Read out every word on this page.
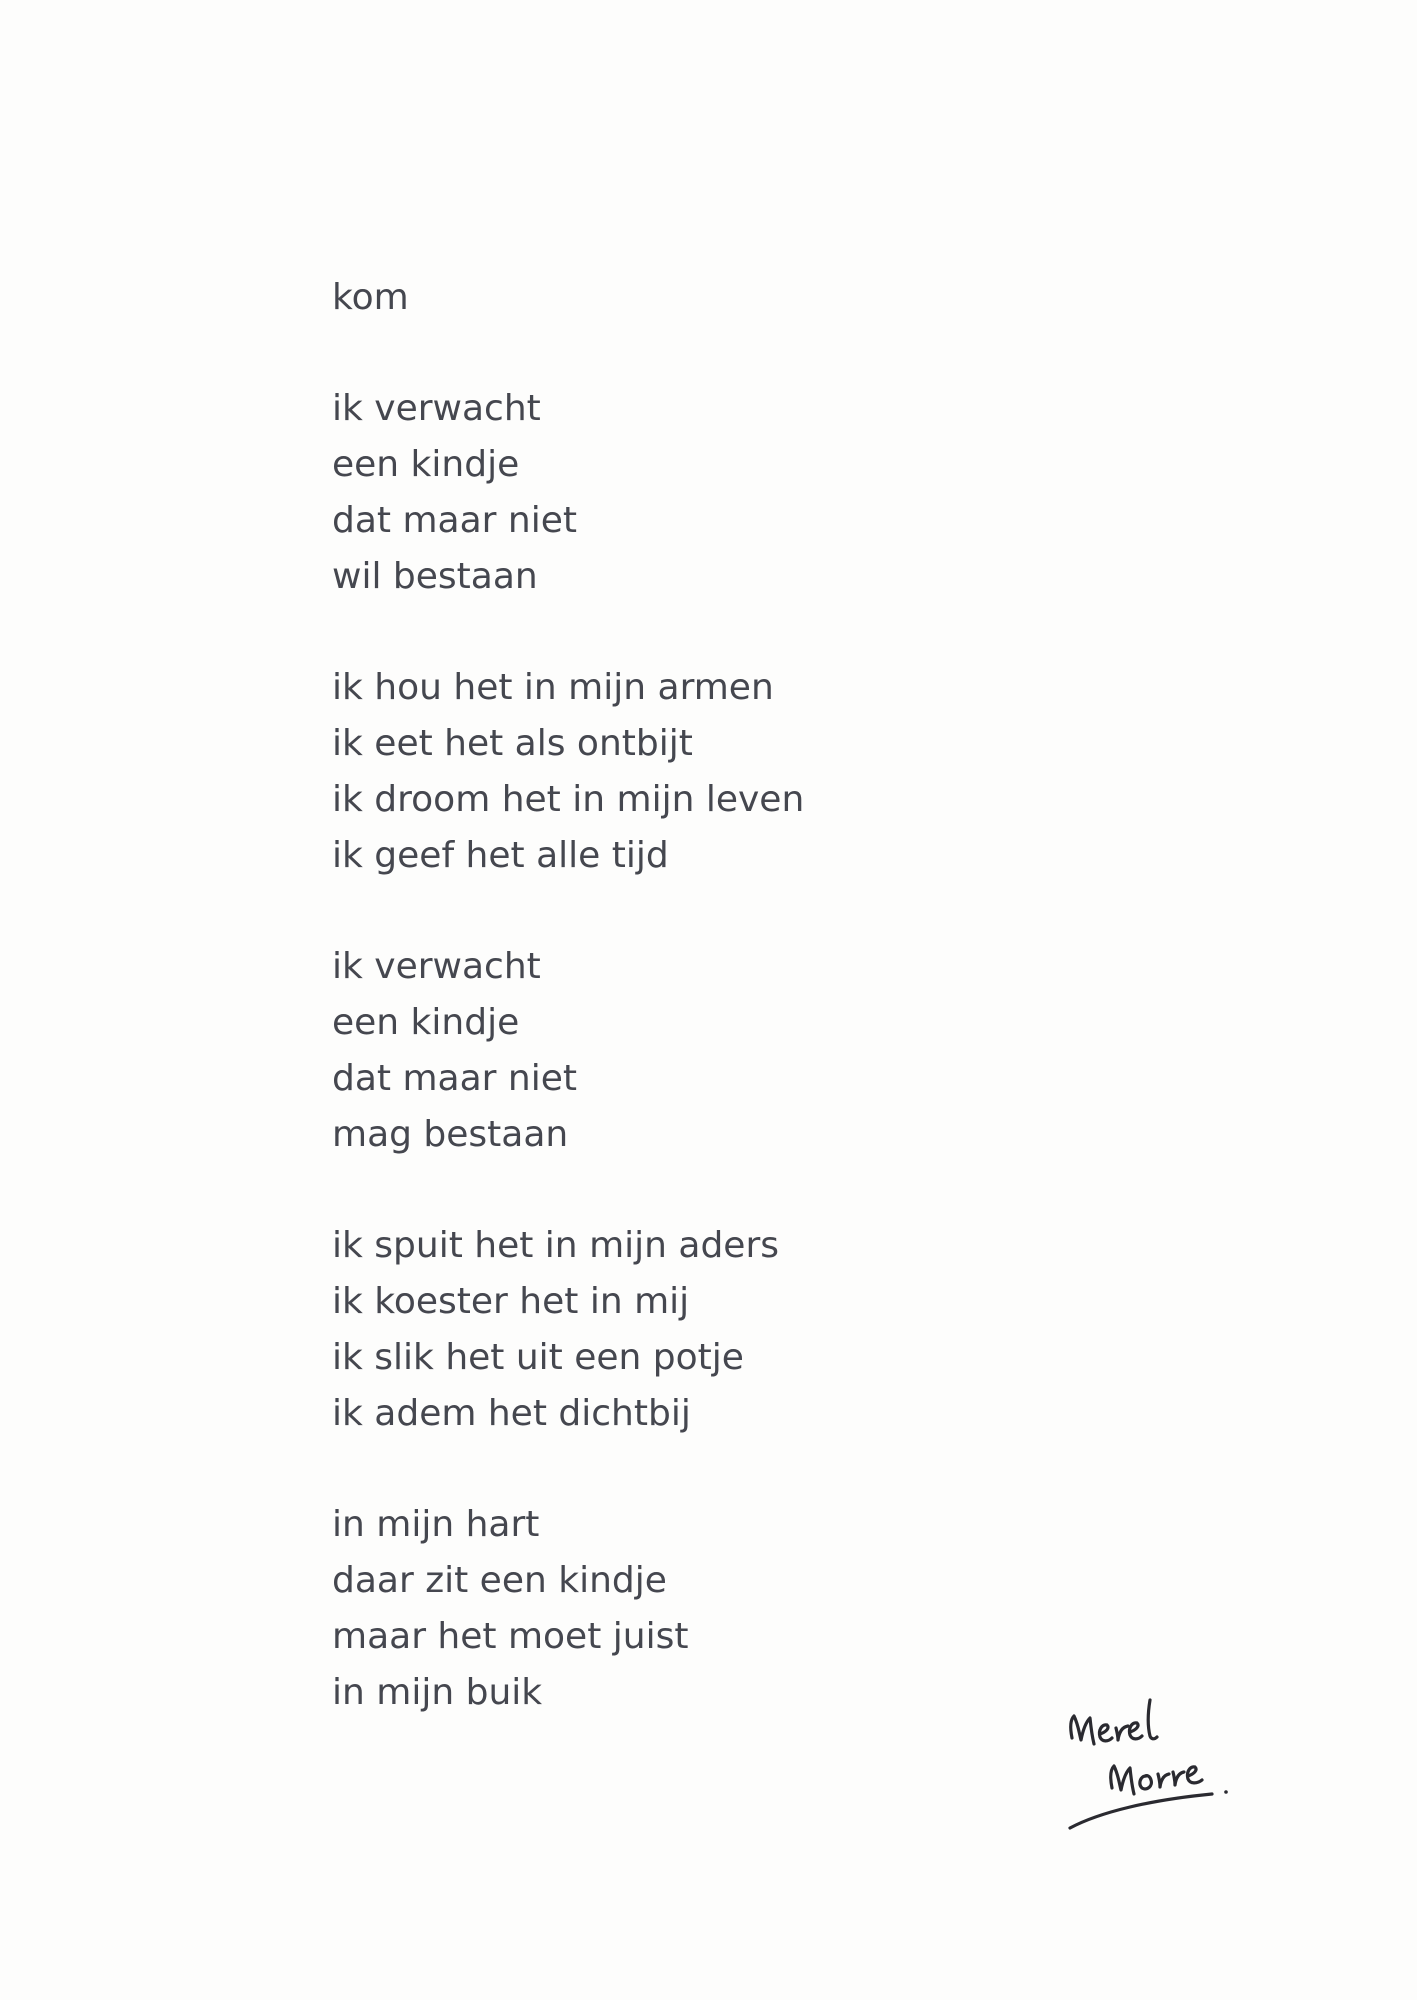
kom
ik verwacht
een kindje
dat maar niet
wil bestaan
ik hou het in mijn armen
ik eet het als ontbijt
ik droom het in mijn leven
ik geef het alle tijd
ik verwacht
een kindje
dat maar niet
mag bestaan
ik spuit het in mijn aders
ik koester het in mij
ik slik het uit een potje
ik adem het dichtbij
in mijn hart
daar zit een kindje
maar het moet juist
in mijn buik
